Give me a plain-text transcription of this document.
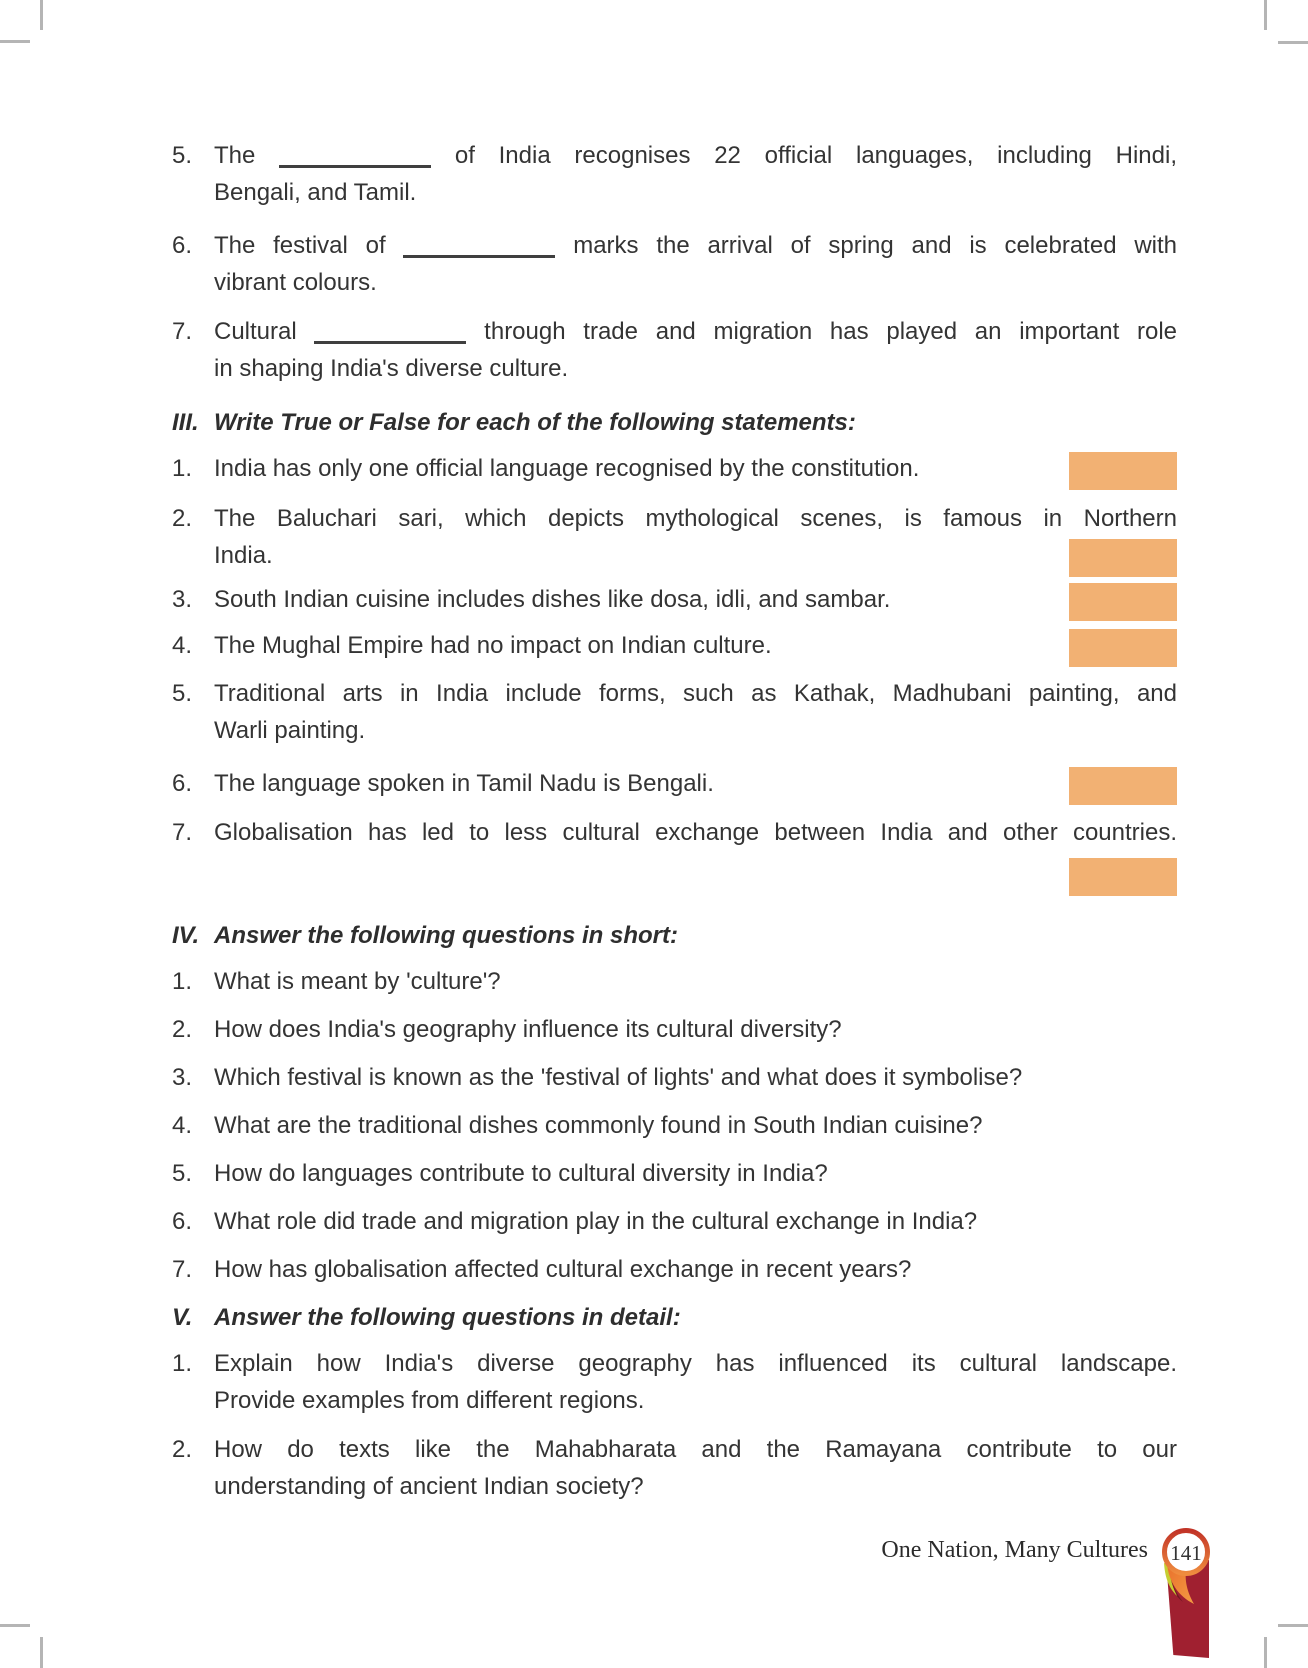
5. The	of India recognises 22 official languages, including Hindi,
Bengali, and Tamil.
6. The festival of	marks the arrival of spring and is celebrated with
vibrant colours.
7. Cultural	through trade and migration has played an important role
in shaping India's diverse culture.
III. Write True or False for each of the following statements:
1. India has only one official language recognised by the constitution.
2. The Baluchari sari, which depicts mythological scenes, is famous in Northern
India.
3. South Indian cuisine includes dishes like dosa, idli, and sambar.
4. The Mughal Empire had no impact on Indian culture.
5. Traditional arts in India include forms, such as Kathak, Madhubani painting, and
Warli painting.
6. The language spoken in Tamil Nadu is Bengali.
7. Globalisation has led to less cultural exchange between India and other countries.
IV. Answer the following questions in short:
1. What is meant by 'culture'?
2. How does India's geography influence its cultural diversity?
3. Which festival is known as the 'festival of lights' and what does it symbolise?
4. What are the traditional dishes commonly found in South Indian cuisine?
5. How do languages contribute to cultural diversity in India?
6. What role did trade and migration play in the cultural exchange in India?
7. How has globalisation affected cultural exchange in recent years?
V. Answer the following questions in detail:
1. Explain how India's diverse geography has influenced its cultural landscape.
Provide examples from different regions.
2. How do texts like the Mahabharata and the Ramayana contribute to our
understanding of ancient Indian society?
One Nation, Many Cultures 141
